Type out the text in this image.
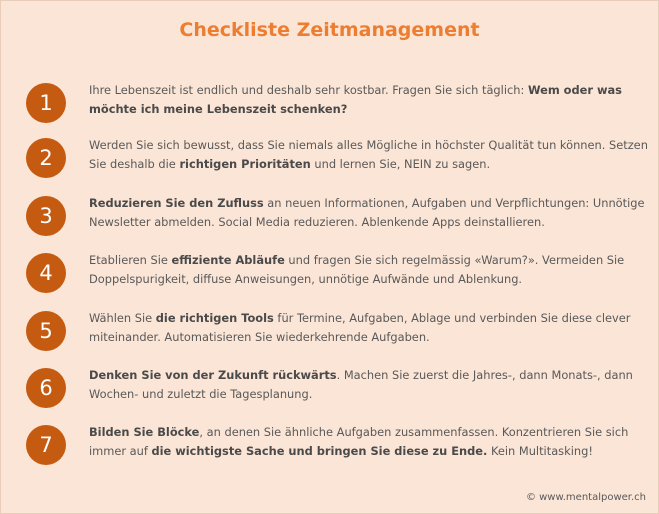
Checkliste Zeitmanagement
1
Ihre Lebenszeit ist endlich und deshalb sehr kostbar. Fragen Sie sich täglich: Wem oder was möchte ich meine Lebenszeit schenken?
2
Werden Sie sich bewusst, dass Sie niemals alles Mögliche in höchster Qualität tun können. Setzen Sie deshalb die richtigen Prioritäten und lernen Sie, NEIN zu sagen.
3
Reduzieren Sie den Zufluss an neuen Informationen, Aufgaben und Verpflichtungen: Unnötige Newsletter abmelden. Social Media reduzieren. Ablenkende Apps deinstallieren.
4
Etablieren Sie effiziente Abläufe und fragen Sie sich regelmässig «Warum?». Vermeiden Sie Doppelspurigkeit, diffuse Anweisungen, unnötige Aufwände und Ablenkung.
5
Wählen Sie die richtigen Tools für Termine, Aufgaben, Ablage und verbinden Sie diese clever miteinander. Automatisieren Sie wiederkehrende Aufgaben.
6
Denken Sie von der Zukunft rückwärts. Machen Sie zuerst die Jahres-, dann Monats-, dann Wochen- und zuletzt die Tagesplanung.
7
Bilden Sie Blöcke, an denen Sie ähnliche Aufgaben zusammenfassen. Konzentrieren Sie sich immer auf die wichtigste Sache und bringen Sie diese zu Ende. Kein Multitasking!
© www.mentalpower.ch
